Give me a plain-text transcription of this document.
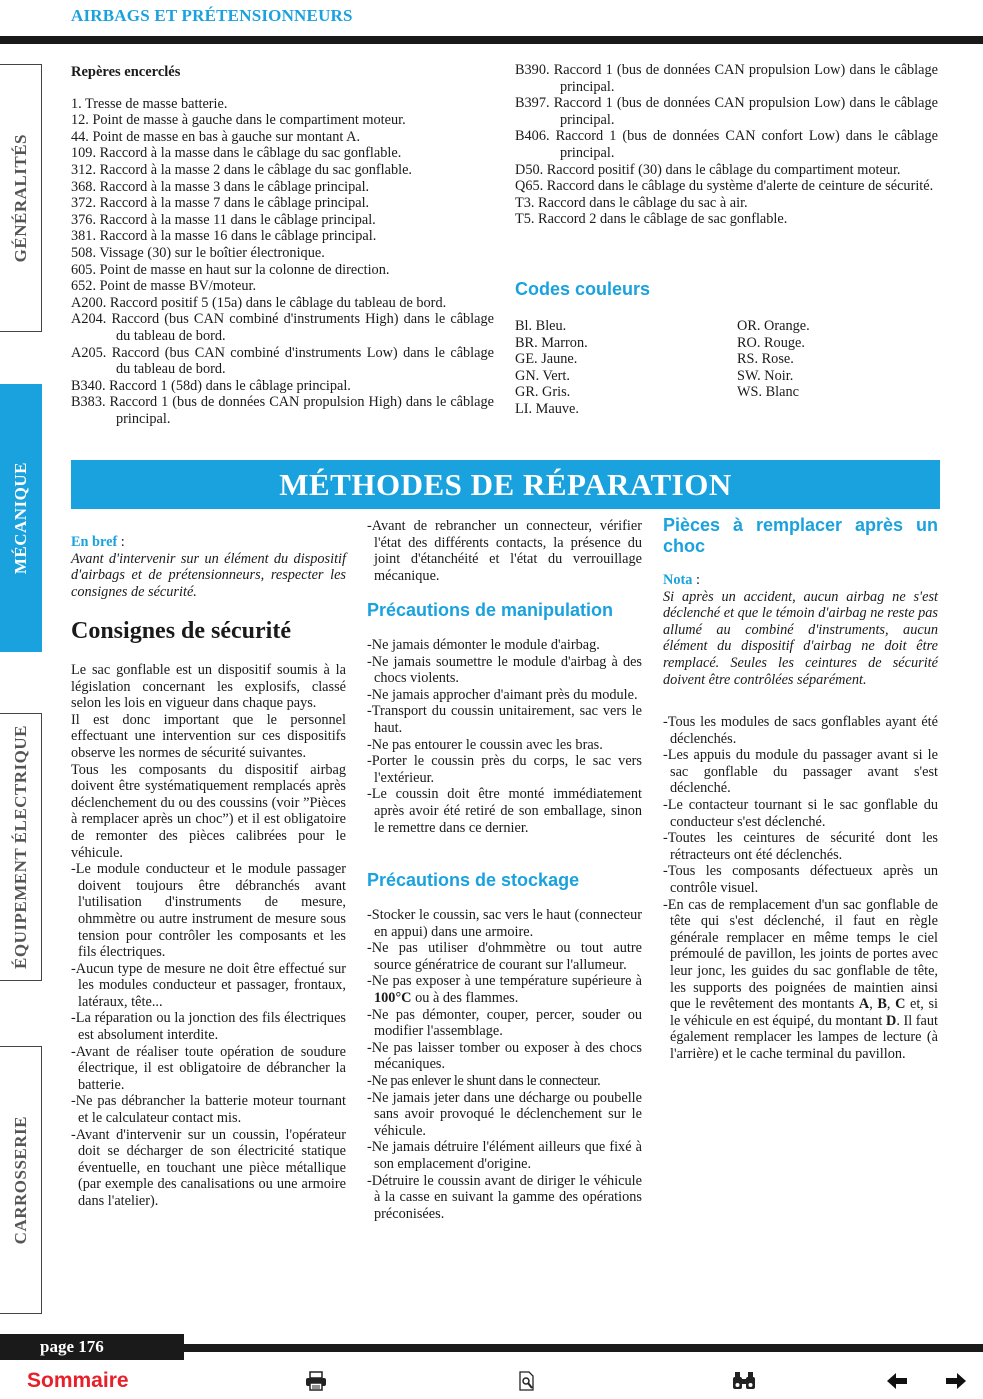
AIRBAGS ET PRÉTENSIONNEURS
GÉNÉRALITÉS
MÉCANIQUE
ÉQUIPEMENT ÉLECTRIQUE
CARROSSERIE

Repères encerclés

1. Tresse de masse batterie.

12. Point de masse à gauche dans le compartiment moteur.

44. Point de masse en bas à gauche sur montant A.

109. Raccord à la masse dans le câblage du sac gonflable.

312. Raccord à la masse 2 dans le câblage du sac gonflable.

368. Raccord à la masse 3 dans le câblage principal.

372. Raccord à la masse 7 dans le câblage principal.

376. Raccord à la masse 11 dans le câblage principal.

381. Raccord à la masse 16 dans le câblage principal.

508. Vissage (30) sur le boîtier électronique.

605. Point de masse en haut sur la colonne de direction.

652. Point de masse BV/moteur.

A200. Raccord positif 5 (15a) dans le câblage du tableau de bord.

A204. Raccord (bus CAN combiné d'instruments High) dans le câblage du tableau de bord.

A205. Raccord (bus CAN combiné d'instruments Low) dans le câblage du tableau de bord.

B340. Raccord 1 (58d) dans le câblage principal.

B383. Raccord 1 (bus de données CAN propulsion High) dans le câblage principal.

B390. Raccord 1 (bus de données CAN propulsion Low) dans le câblage principal.

B397. Raccord 1 (bus de données CAN propulsion Low) dans le câblage principal.

B406. Raccord 1 (bus de données CAN confort Low) dans le câblage principal.

D50. Raccord positif (30) dans le câblage du compartiment moteur.

Q65. Raccord dans le câblage du système d'alerte de ceinture de sécurité.

T3. Raccord dans le câblage du sac à air.

T5. Raccord 2 dans le câblage de sac gonflable.

Codes couleurs

Bl. Bleu.

BR. Marron.

GE. Jaune.

GN. Vert.

GR. Gris.

LI. Mauve.

OR. Orange.

RO. Rouge.

RS. Rose.

SW. Noir.

WS. Blanc

MÉTHODES DE RÉPARATION

En bref :

Avant d'intervenir sur un élément du dispositif d'airbags et de prétensionneurs, respecter les consignes de sécurité.

Consignes de sécurité

Le sac gonflable est un dispositif soumis à la législation concernant les explosifs, classé selon les lois en vigueur dans chaque pays.

Il est donc important que le personnel effectuant une intervention sur ces dispositifs observe les normes de sécurité suivantes.

Tous les composants du dispositif airbag doivent être systématiquement remplacés après déclenchement du ou des coussins (voir ”Pièces à remplacer après un choc”) et il est obligatoire de remonter des pièces calibrées pour le véhicule.

-Le module conducteur et le module passager doivent toujours être débranchés avant l'utilisation d'instruments de mesure, ohmmètre ou autre instrument de mesure sous tension pour contrôler les composants et les fils électriques.

-Aucun type de mesure ne doit être effectué sur les modules conducteur et passager, frontaux, latéraux, tête...

-La réparation ou la jonction des fils électriques est absolument interdite.

-Avant de réaliser toute opération de soudure électrique, il est obligatoire de débrancher la batterie.

-Ne pas débrancher la batterie moteur tournant et le calculateur contact mis.

-Avant d'intervenir sur un coussin, l'opérateur doit se décharger de son électricité statique éventuelle, en touchant une pièce métallique (par exemple des canalisations ou une armoire dans l'atelier).

-Avant de rebrancher un connecteur, vérifier l'état des différents contacts, la présence du joint d'étanchéité et l'état du verrouillage mécanique.

Précautions de manipulation

-Ne jamais démonter le module d'airbag.

-Ne jamais soumettre le module d'airbag à des chocs violents.

-Ne jamais approcher d'aimant près du module.

-Transport du coussin unitairement, sac vers le haut.

-Ne pas entourer le coussin avec les bras.

-Porter le coussin près du corps, le sac vers l'extérieur.

-Le coussin doit être monté immédiatement après avoir été retiré de son emballage, sinon le remettre dans ce dernier.

Précautions de stockage

-Stocker le coussin, sac vers le haut (connecteur en appui) dans une armoire.

-Ne pas utiliser d'ohmmètre ou tout autre source génératrice de courant sur l'allumeur.

-Ne pas exposer à une température supérieure à 100°C ou à des flammes.

-Ne pas démonter, couper, percer, souder ou modifier l'assemblage.

-Ne pas laisser tomber ou exposer à des chocs mécaniques.

-Ne pas enlever le shunt dans le connecteur.

-Ne jamais jeter dans une décharge ou poubelle sans avoir provoqué le déclenchement sur le véhicule.

-Ne jamais détruire l'élément ailleurs que fixé à son emplacement d'origine.

-Détruire le coussin avant de diriger le véhicule à la casse en suivant la gamme des opérations préconisées.

Pièces à remplacer après un choc

Nota :

Si après un accident, aucun airbag ne s'est déclenché et que le témoin d'airbag ne reste pas allumé au combiné d'instruments, aucun élément du dispositif d'airbag ne doit être remplacé. Seules les ceintures de sécurité doivent être contrôlées séparément.

-Tous les modules de sacs gonflables ayant été déclenchés.

-Les appuis du module du passager avant si le sac gonflable du passager avant s'est déclenché.

-Le contacteur tournant si le sac gonflable du conducteur s'est déclenché.

-Toutes les ceintures de sécurité dont les rétracteurs ont été déclenchés.

-Tous les composants défectueux après un contrôle visuel.

-En cas de remplacement d'un sac gonflable de tête qui s'est déclenché, il faut en règle générale remplacer en même temps le ciel prémoulé de pavillon, les joints de portes avec leur jonc, les guides du sac gonflable de tête, les supports des poignées de maintien ainsi que le revêtement des montants A, B, C et, si le véhicule en est équipé, du montant D. Il faut également remplacer les lampes de lecture (à l'arrière) et le cache terminal du pavillon.

page 176
Sommaire
